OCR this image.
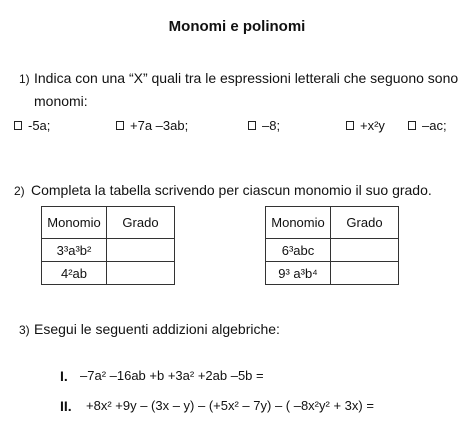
Monomi e polinomi
1) Indica con una “X” quali tra le espressioni letterali che seguono sono
monomi:
-5a;	+7a –3ab;	–8;	+x²y	–ac;
2) Completa la tabella scrivendo per ciascun monomio il suo grado.
Monomio	Grado
3³a³b²	
4²ab	
Monomio	Grado
6³abc	
9³ a³b⁴	
3) Esegui le seguenti addizioni algebriche:
I. –7a² –16ab +b +3a² +2ab –5b =
II. +8x² +9y – (3x – y) – (+5x² – 7y) – ( –8x²y² + 3x) =
